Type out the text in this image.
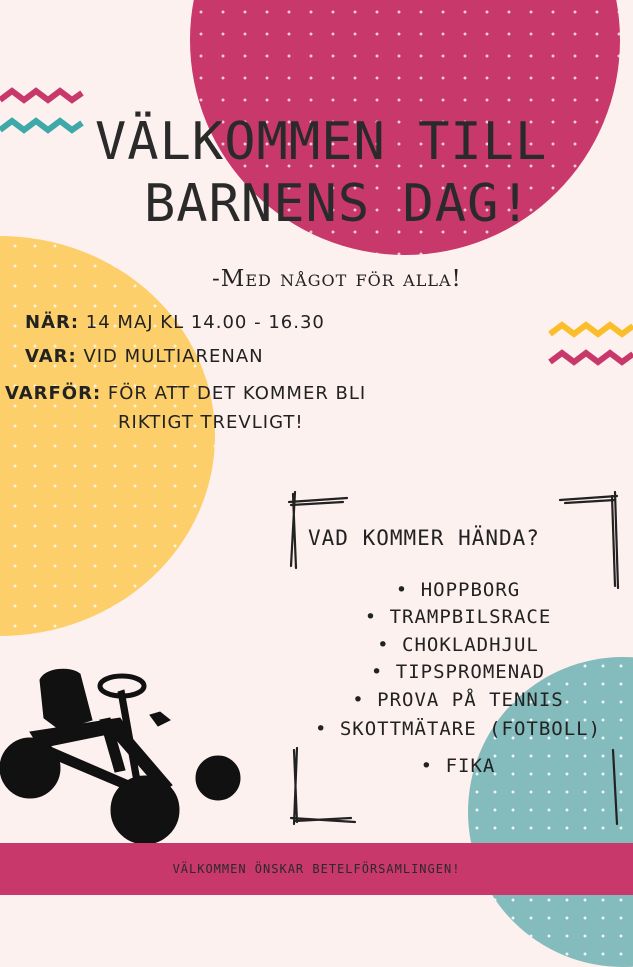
VÄLKOMMEN TILL
BARNENS DAG!
-Med något för alla!
NÄR: 14 MAJ KL 14.00 - 16.30
VAR: VID MULTIARENAN
VARFÖR: FÖR ATT DET KOMMER BLI
RIKTIGT TREVLIGT!
VAD KOMMER HÄNDA?
• HOPPBORG
• TRAMPBILSRACE
• CHOKLADHJUL
• TIPSPROMENAD
• PROVA PÅ TENNIS
• SKOTTMÄTARE (FOTBOLL)
• FIKA
VÄLKOMMEN ÖNSKAR BETELFÖRSAMLINGEN!
